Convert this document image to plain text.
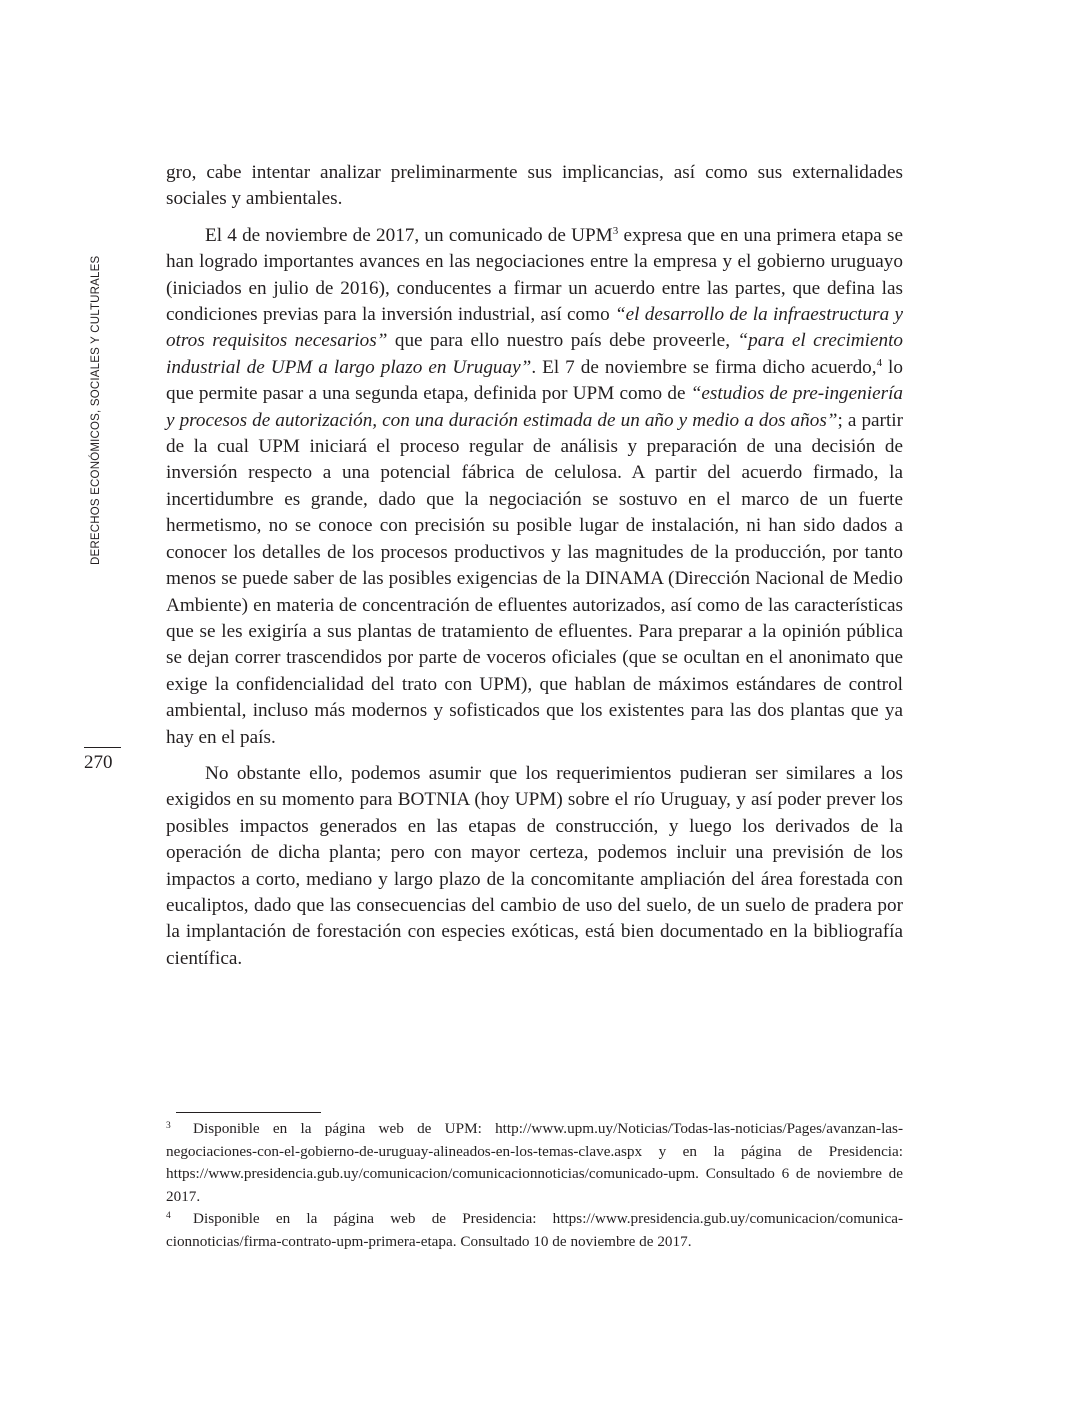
DERECHOS ECONÓMICOS, SOCIALES Y CULTURALES
270

gro, cabe intentar analizar preliminarmente sus implicancias, así como sus externalidades sociales y ambientales.

El 4 de noviembre de 2017, un comunicado de UPM$^3$ expresa que en una primera etapa se han logrado importantes avances en las negociaciones entre la empresa y el gobierno uruguayo (iniciados en julio de 2016), conducentes a firmar un acuerdo entre las partes, que defina las condiciones previas para la inversión industrial, así como “el desarrollo de la infraestructura y otros requisitos necesarios” que para ello nuestro país debe proveerle, “para el crecimiento industrial de UPM a largo plazo en Uruguay”. El 7 de noviembre se firma dicho acuerdo,$^4$ lo que permite pasar a una segunda etapa, definida por UPM como de “estudios de pre-ingeniería y procesos de autorización, con una duración estimada de un año y medio a dos años”; a partir de la cual UPM iniciará el proceso regular de análisis y preparación de una decisión de inversión respecto a una potencial fábrica de celulosa. A partir del acuerdo firmado, la incertidumbre es grande, dado que la negociación se sostuvo en el marco de un fuerte hermetismo, no se conoce con precisión su posible lugar de instalación, ni han sido dados a conocer los detalles de los procesos productivos y las magnitudes de la producción, por tanto menos se puede saber de las posibles exigencias de la DINAMA (Dirección Nacional de Medio Ambiente) en materia de concentración de efluentes autorizados, así como de las características que se les exigiría a sus plantas de tratamiento de efluentes. Para preparar a la opinión pública se dejan correr trascendidos por parte de voceros oficiales (que se ocultan en el anonimato que exige la confidencialidad del trato con UPM), que hablan de máximos estándares de control ambiental, incluso más modernos y sofisticados que los existentes para las dos plantas que ya hay en el país.

No obstante ello, podemos asumir que los requerimientos pudieran ser similares a los exigidos en su momento para BOTNIA (hoy UPM) sobre el río Uruguay, y así poder prever los posibles impactos generados en las etapas de construcción, y luego los derivados de la operación de dicha planta; pero con mayor certeza, podemos incluir una previsión de los impactos a corto, mediano y largo plazo de la concomitante ampliación del área forestada con eucaliptos, dado que las consecuencias del cambio de uso del suelo, de un suelo de pradera por la implantación de forestación con especies exóticas, está bien documentado en la bibliografía científica.

3 Disponible en la página web de UPM: http://www.upm.uy/Noticias/Todas-las-noticias/Pages/avanzan-las-negociaciones-con-el-gobierno-de-uruguay-alineados-en-los-temas-clave.aspx y en la página de Presidencia: https://www.presidencia.gub.uy/comunicacion/comunicacionnoticias/comunicado-upm. Consultado 6 de noviembre de 2017.

4 Disponible en la página web de Presidencia: https://www.presidencia.gub.uy/comunicacion/comunicacionnoticias/firma-contrato-upm-primera-etapa. Consultado 10 de noviembre de 2017.
